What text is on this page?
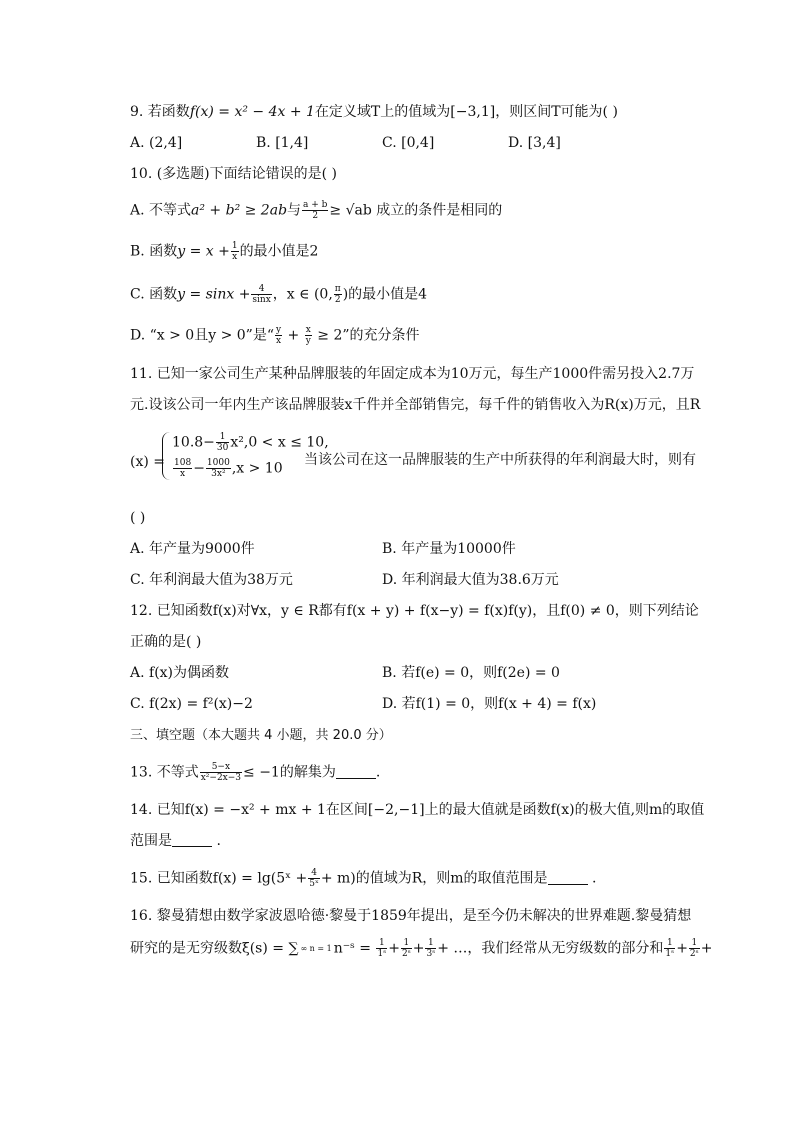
9. 若函数f(x) = x² − 4x + 1在定义域T上的值域为[−3,1]，则区间T可能为( )
A. (2,4]	B. [1,4]	C. [0,4]	D. [3,4]
10. (多选题)下面结论错误的是( )
A. 不等式a² + b² ≥ 2ab与 $\frac{a + b}{2} \ge √ab$ 成立的条件是相同的
B. 函数$y = x + \frac{1}{x}$ 的最小值是2
C. 函数$y = \sin x + \frac{4}{\sin x}$ ，x ∈ (0, $\frac{\pi}{2}$ )的最小值是4
D. “x > 0且y > 0”是“ $\frac{y}{x} + \frac{x}{y} \ge 2$”的充分条件
11. 已知一家公司生产某种品牌服装的年固定成本为10万元，每生产1000件需另投入2.7万
元.设该公司一年内生产该品牌服装x千件并全部销售完，每千件的销售收入为R(x)万元，且R
(x) =
$10.8- \frac{1}{30} x^2,0 < x \le 10$,
$\frac{108}{x} - \frac{1000}{\text{3x²}} ,x > 10$
当该公司在这一品牌服装的生产中所获得的年利润最大时，则有
( )
A. 年产量为9000件	B. 年产量为10000件
C. 年利润最大值为38万元	D. 年利润最大值为38.6万元
12. 已知函数f(x)对∀x，y ∈ R都有f(x + y) + f(x−y) = f(x)f(y)，且f(0) ≠ 0，则下列结论
正确的是( )
A. f(x)为偶函数	B. 若f(e) = 0，则f(2e) = 0
C. f(2x) = f²(x)−2	D. 若f(1) = 0，则f(x + 4) = f(x)
三、填空题（本大题共 4 小题，共 20.0 分）
13. 不等式 $\frac{5-x}{\text{x²−2x−3}} \le -1$的解集为	.
14. 已知f(x) = −x² + mx + 1在区间[−2,−1]上的最大值就是函数f(x)的极大值,则m的取值
范围是	.
15. 已知函数f(x) = lg(5ˣ + $\frac{4}{\text{5ˣ}} + m$)的值域为R，则m的取值范围是	.
16. 黎曼猜想由数学家波恩哈德·黎曼于1859年提出，是至今仍未解决的世界难题.黎曼猜想
研究的是无穷级数ξ(s) = ∑ ∞ n = 1 n⁻ˢ = $\frac{1}{\text{1ˢ}} + \frac{1}{\text{2ˢ}} + \frac{1}{\text{3ˢ}}$ + …，我们经常从无穷级数的部分和 $\frac{1}{\text{1ˢ}} + \frac{1}{\text{2ˢ}}$ +
